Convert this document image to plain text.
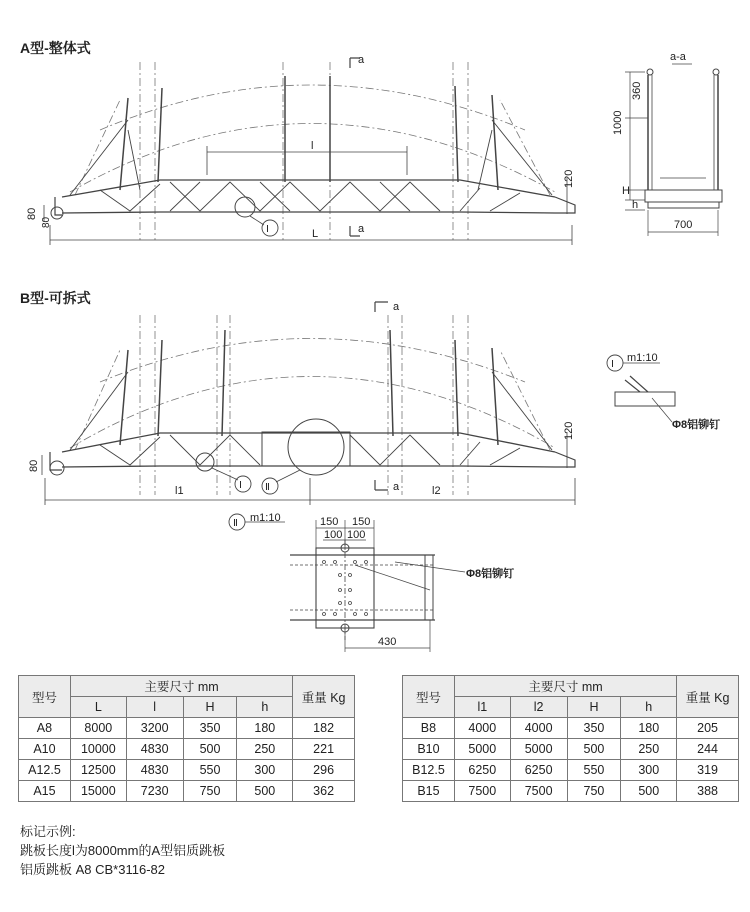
A型-整体式
a
a
l
L
80
80
120
Ⅰ
a-a
360
1000
H
h
700
a
a
l1	l2
80
120
Ⅰ Ⅱ
Ⅰ
m1:10
Φ8铝铆钉
Ⅱ m1:10	150 150
100 100
430
Φ8铝铆钉
B型-可拆式
型号	主要尺寸 mm				重量 Kg
	L	l	H	h	
A8	8000	3200	350	180	182
A10	10000	4830	500	250	221
A12.5	12500	4830	550	300	296
A15	15000	7230	750	500	362
型号	主要尺寸 mm				重量 Kg
	l1	l2	H	h	
B8	4000	4000	350	180	205
B10	5000	5000	500	250	244
B12.5	6250	6250	550	300	319
B15	7500	7500	750	500	388
标记示例:
跳板长度l为8000mm的A型铝质跳板
铝质跳板 A8 CB*3116-82
